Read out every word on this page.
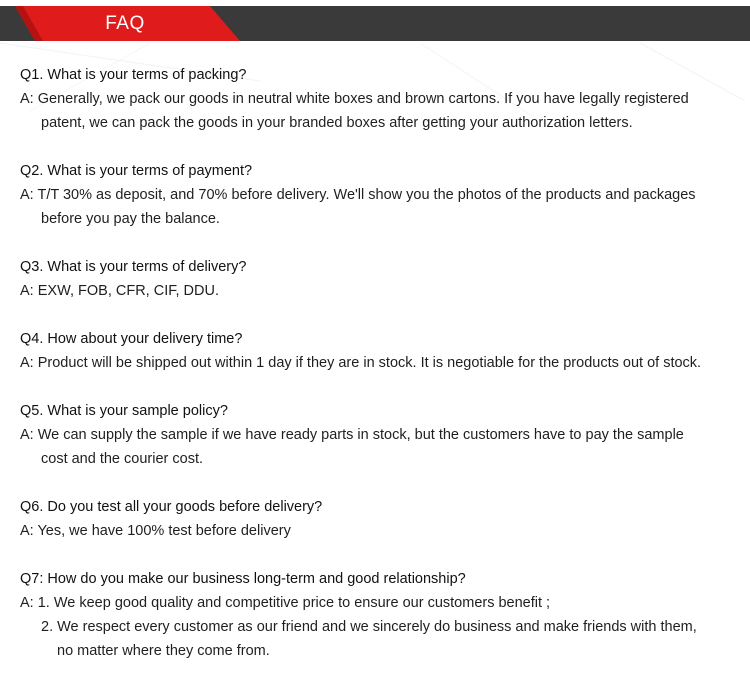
FAQ
Q1. What is your terms of packing?
A: Generally, we pack our goods in neutral white boxes and brown cartons. If you have legally registered
patent, we can pack the goods in your branded boxes after getting your authorization letters.
Q2. What is your terms of payment?
A: T/T 30% as deposit, and 70% before delivery. We'll show you the photos of the products and packages
before you pay the balance.
Q3. What is your terms of delivery?
A: EXW, FOB, CFR, CIF, DDU.
Q4. How about your delivery time?
A: Product will be shipped out within 1 day if they are in stock. It is negotiable for the products out of stock.
Q5. What is your sample policy?
A: We can supply the sample if we have ready parts in stock, but the customers have to pay the sample
cost and the courier cost.
Q6. Do you test all your goods before delivery?
A: Yes, we have 100% test before delivery
Q7: How do you make our business long-term and good relationship?
A: 1. We keep good quality and competitive price to ensure our customers benefit ;
2. We respect every customer as our friend and we sincerely do business and make friends with them,
no matter where they come from.
